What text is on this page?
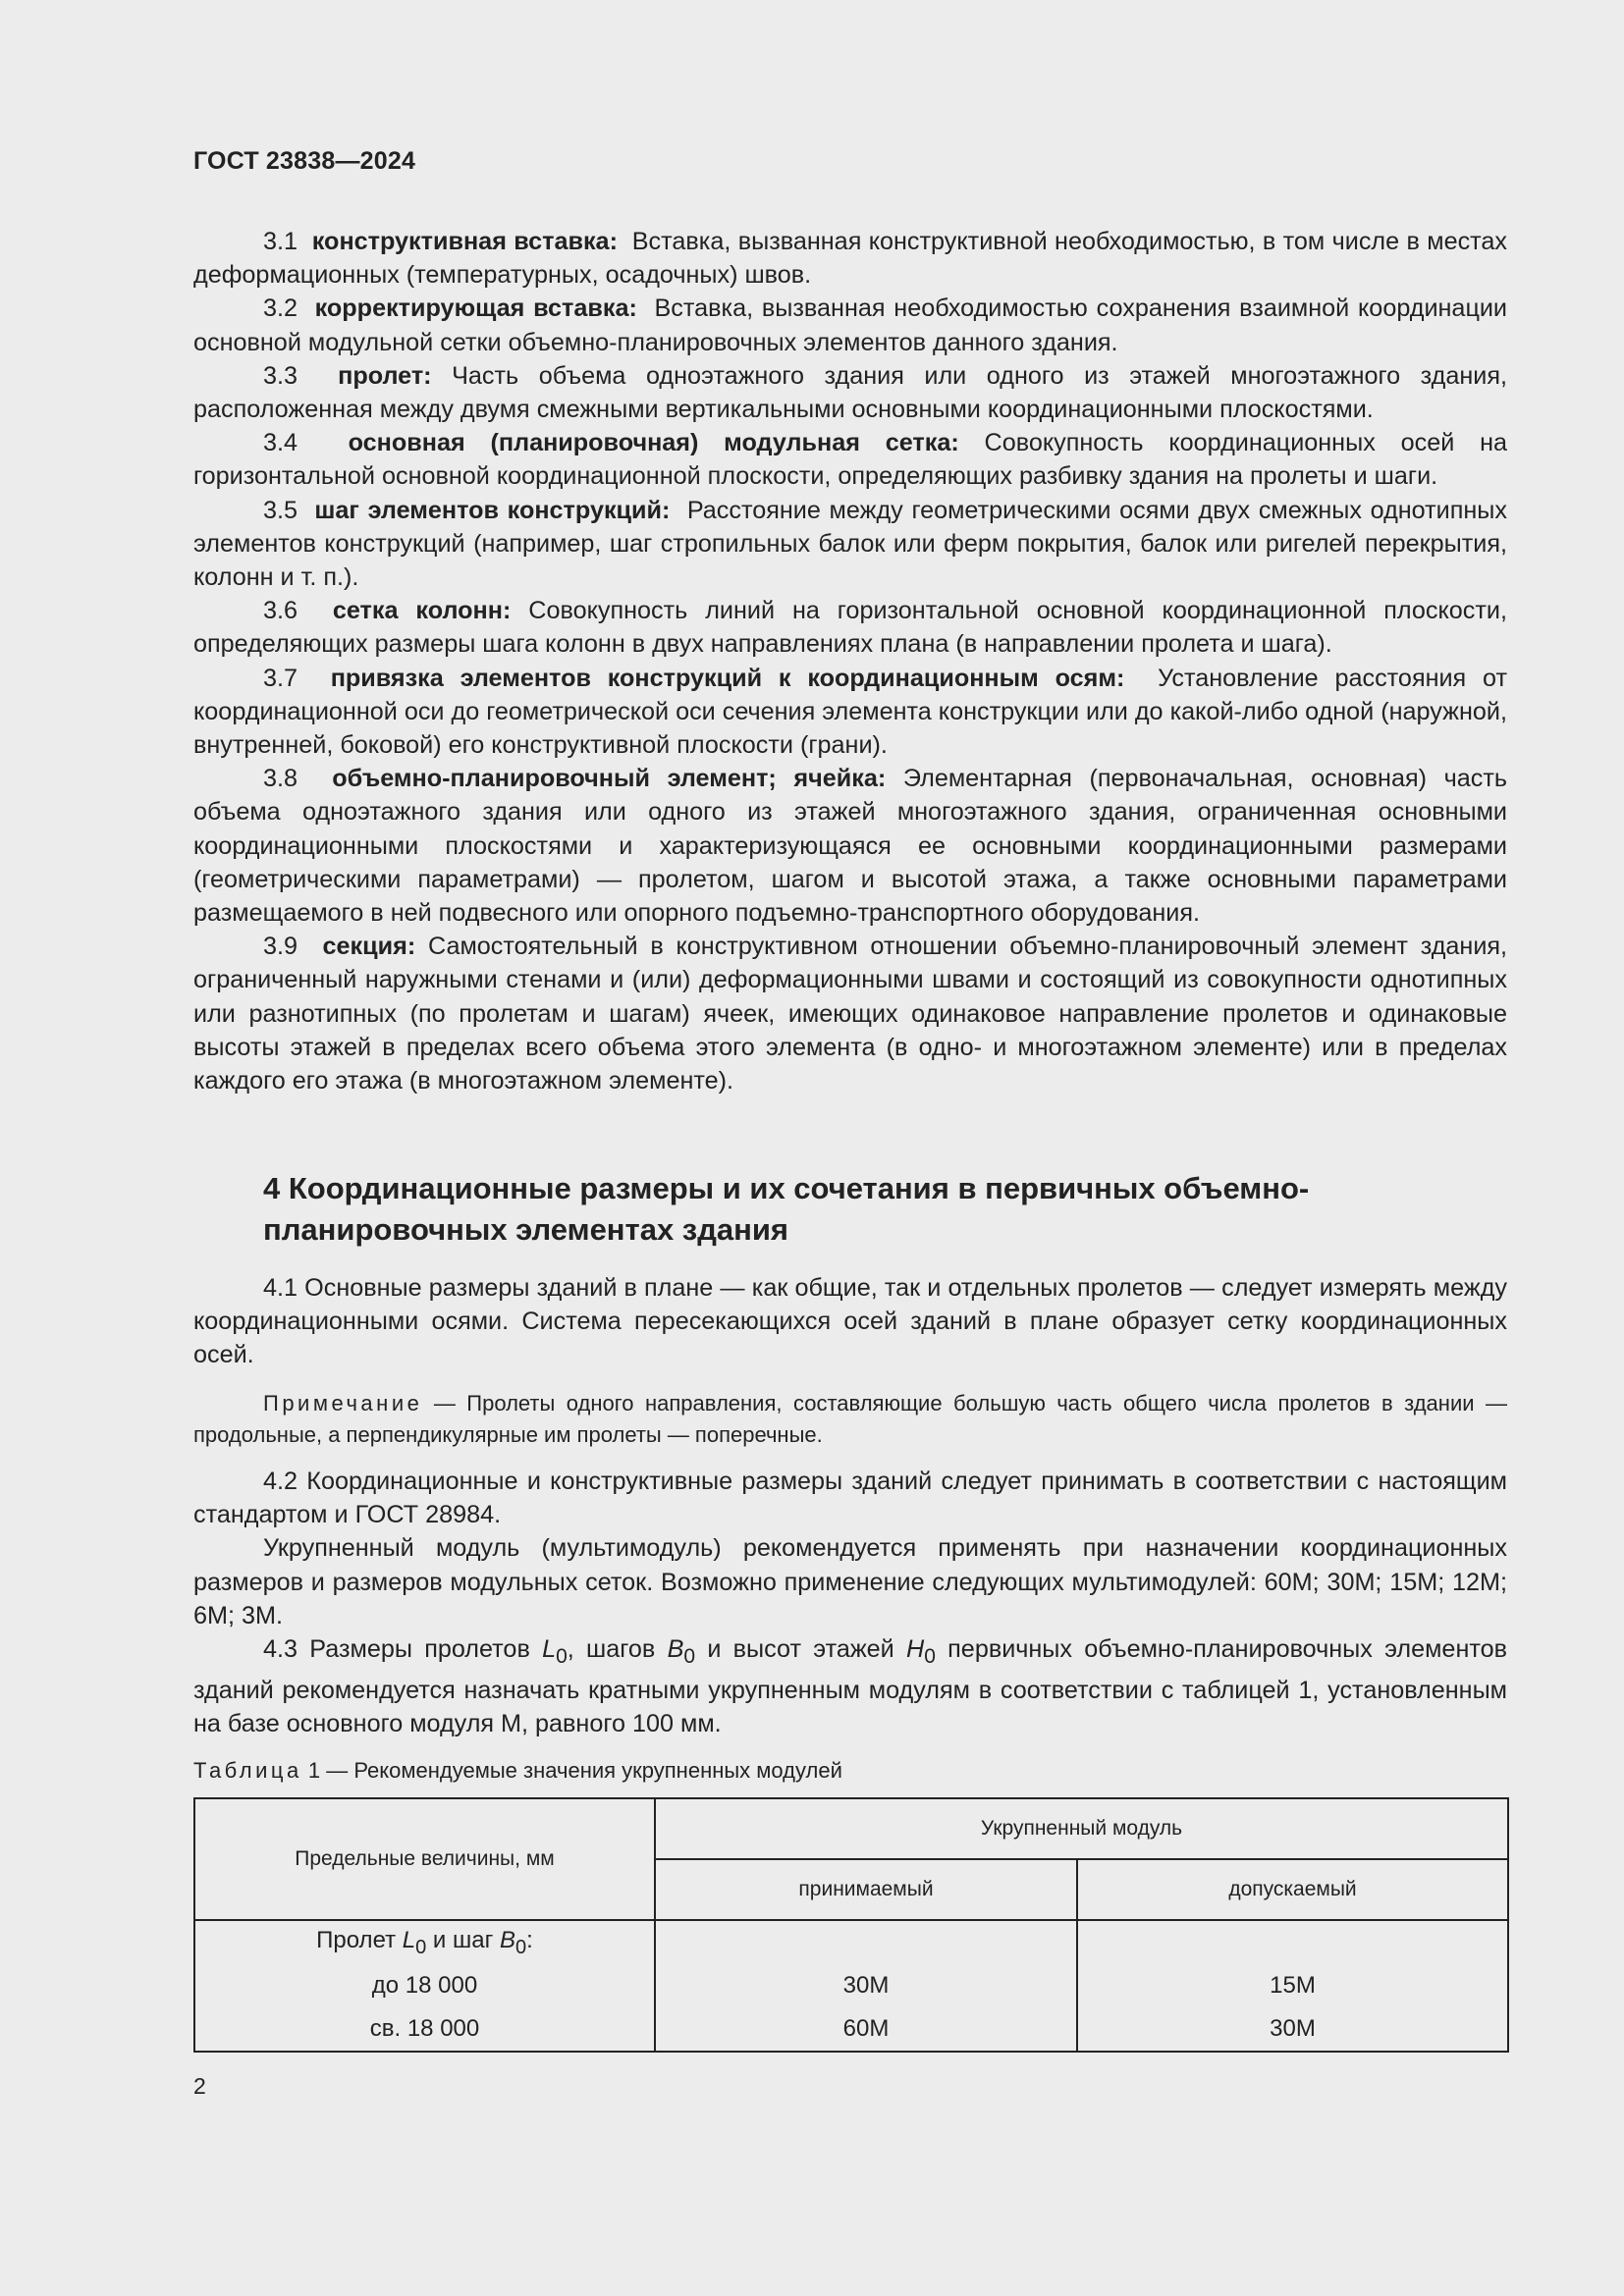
ГОСТ 23838—2024

3.1 конструктивная вставка: Вставка, вызванная конструктивной необходимостью, в том числе в местах деформационных (температурных, осадочных) швов.

3.2 корректирующая вставка: Вставка, вызванная необходимостью сохранения взаимной координации основной модульной сетки объемно-планировочных элементов данного здания.

3.3 пролет: Часть объема одноэтажного здания или одного из этажей многоэтажного здания, расположенная между двумя смежными вертикальными основными координационными плоскостями.

3.4 основная (планировочная) модульная сетка: Совокупность координационных осей на горизонтальной основной координационной плоскости, определяющих разбивку здания на пролеты и шаги.

3.5 шаг элементов конструкций: Расстояние между геометрическими осями двух смежных однотипных элементов конструкций (например, шаг стропильных балок или ферм покрытия, балок или ригелей перекрытия, колонн и т. п.).

3.6 сетка колонн: Совокупность линий на горизонтальной основной координационной плоскости, определяющих размеры шага колонн в двух направлениях плана (в направлении пролета и шага).

3.7 привязка элементов конструкций к координационным осям: Установление расстояния от координационной оси до геометрической оси сечения элемента конструкции или до какой-либо одной (наружной, внутренней, боковой) его конструктивной плоскости (грани).

3.8 объемно-планировочный элемент; ячейка: Элементарная (первоначальная, основная) часть объема одноэтажного здания или одного из этажей многоэтажного здания, ограниченная основными координационными плоскостями и характеризующаяся ее основными координационными размерами (геометрическими параметрами) — пролетом, шагом и высотой этажа, а также основными параметрами размещаемого в ней подвесного или опорного подъемно-транспортного оборудования.

3.9 секция: Самостоятельный в конструктивном отношении объемно-планировочный элемент здания, ограниченный наружными стенами и (или) деформационными швами и состоящий из совокупности однотипных или разнотипных (по пролетам и шагам) ячеек, имеющих одинаковое направление пролетов и одинаковые высоты этажей в пределах всего объема этого элемента (в одно- и многоэтажном элементе) или в пределах каждого его этажа (в многоэтажном элементе).

4 Координационные размеры и их сочетания в первичных объемно-планировочных элементах здания

4.1 Основные размеры зданий в плане — как общие, так и отдельных пролетов — следует измерять между координационными осями. Система пересекающихся осей зданий в плане образует сетку координационных осей.

Примечание — Пролеты одного направления, составляющие большую часть общего числа пролетов в здании — продольные, а перпендикулярные им пролеты — поперечные.

4.2 Координационные и конструктивные размеры зданий следует принимать в соответствии с настоящим стандартом и ГОСТ 28984.

Укрупненный модуль (мультимодуль) рекомендуется применять при назначении координационных размеров и размеров модульных сеток. Возможно применение следующих мультимодулей: 60М; 30М; 15М; 12М; 6М; 3М.

4.3 Размеры пролетов $L_0$, шагов $B_0$ и высот этажей $H_0$ первичных объемно-планировочных элементов зданий рекомендуется назначать кратными укрупненным модулям в соответствии с таблицей 1, установленным на базе основного модуля М, равного 100 мм.

Таблица 1 — Рекомендуемые значения укрупненных модулей
Предельные величины, мм	Укрупненный модуль	
	принимаемый	допускаемый
Пролет $L_0$ и шаг $B_0$:		
до 18 000	30М	15М
св. 18 000	60М	30М
2
